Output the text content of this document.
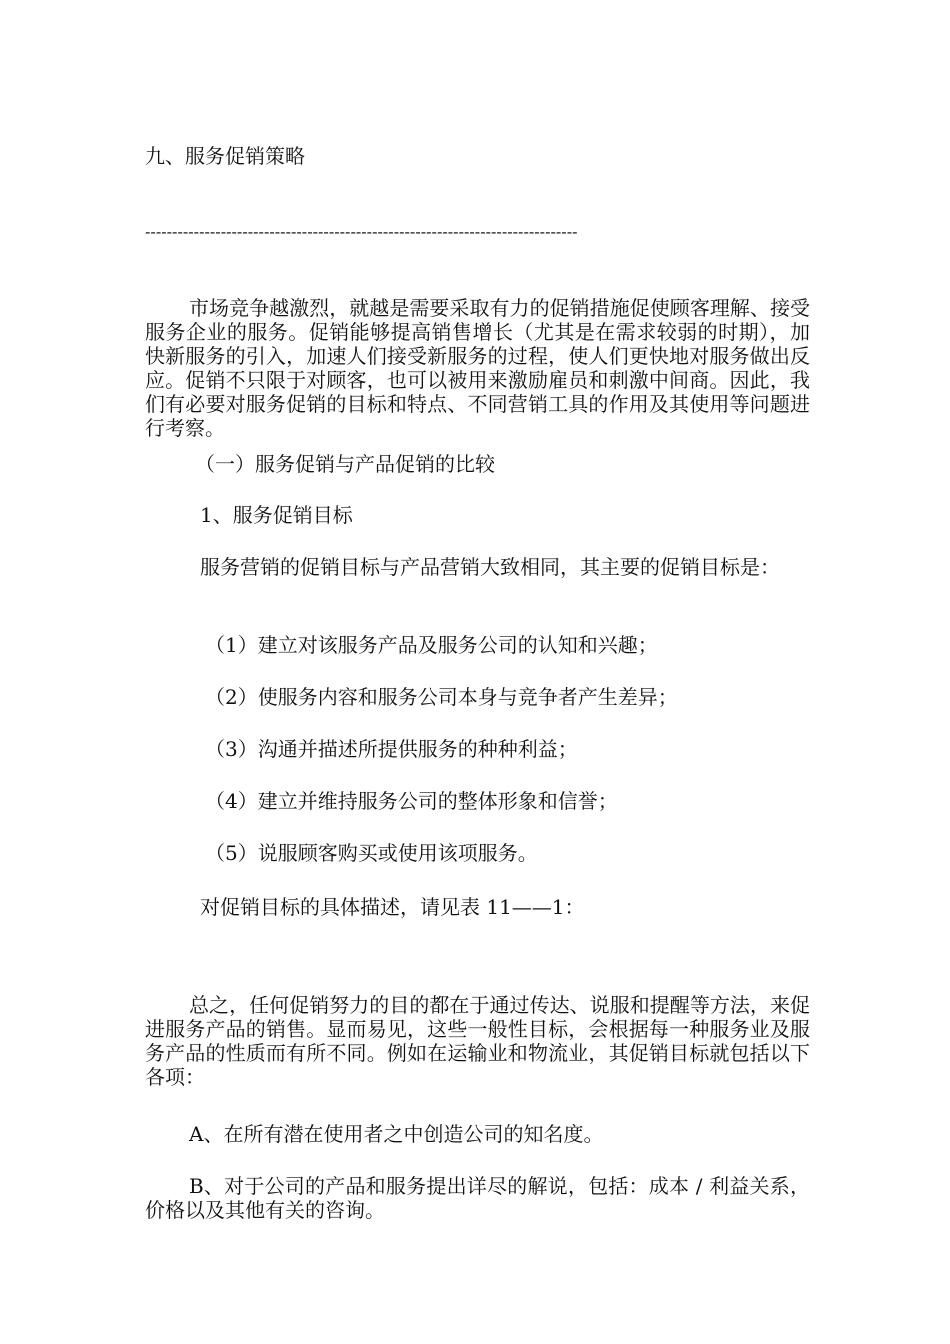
九、服务促销策略
--------------------------------------------------------------------------------
市场竞争越激烈，就越是需要采取有力的促销措施促使顾客理解、接受服务企业的服务。促销能够提高销售增长（尤其是在需求较弱的时期），加快新服务的引入，加速人们接受新服务的过程，使人们更快地对服务做出反应。促销不只限于对顾客，也可以被用来激励雇员和刺激中间商。因此，我们有必要对服务促销的目标和特点、不同营销工具的作用及其使用等问题进行考察。
（一）服务促销与产品促销的比较
1、服务促销目标
服务营销的促销目标与产品营销大致相同，其主要的促销目标是：
（1）建立对该服务产品及服务公司的认知和兴趣；
（2）使服务内容和服务公司本身与竞争者产生差异；
（3）沟通并描述所提供服务的种种利益；
（4）建立并维持服务公司的整体形象和信誉；
（5）说服顾客购买或使用该项服务。
对促销目标的具体描述，请见表 11——1：
总之，任何促销努力的目的都在于通过传达、说服和提醒等方法，来促进服务产品的销售。显而易见，这些一般性目标，会根据每一种服务业及服务产品的性质而有所不同。例如在运输业和物流业，其促销目标就包括以下各项：
A、在所有潜在使用者之中创造公司的知名度。
B、对于公司的产品和服务提出详尽的解说，包括：成本 / 利益关系，价格以及其他有关的咨询。
